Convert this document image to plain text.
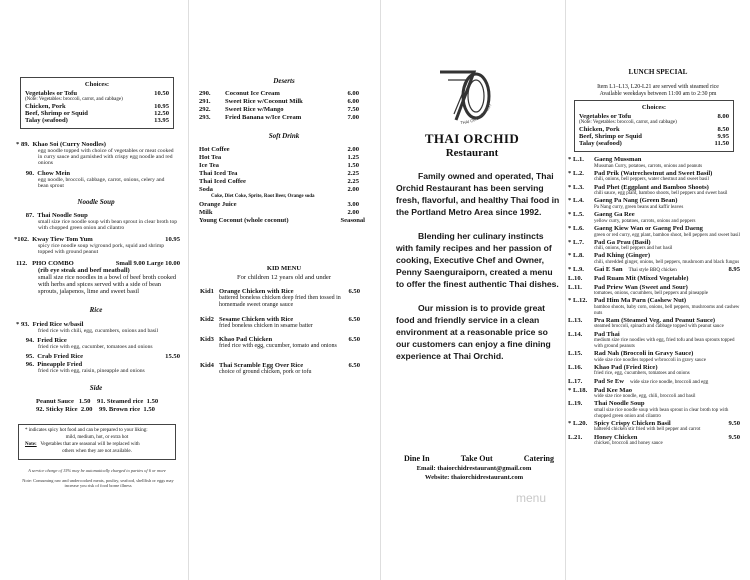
Choices:
Vegetables or Tofu	10.50
(Note: Vegetables: broccoli, carrot, and cabbage)
Chicken, Pork	10.95
Beef, Shrimp or Squid	12.50
Talay (seafood)	13.95
* 89. Khao Soi (Curry Noodles)
egg noodle topped with choice of vegetables or meat cooked in curry sauce and garnished with crispy egg noodle and red onions
90. Chow Mein
egg noodle, broccoli, cabbage, carrot, onions, celery and bean sprout
Noodle Soup
87. Thai Noodle Soup
small size rice noodle soup with bean sprout in clear broth top with chopped green onion and cilantro
*102. Kway Tiew Tom Yum	10.95
spicy rice noodle soup w/ground pork, squid and shrimp topped with ground peanut
112. PHO COMBO	Small 9.00 Large 10.00
(rib eye steak and beef meatball)
small size rice noodles in a bowl of beef broth cooked with herbs and spices served with a side of bean sprouts, jalapenos, lime and sweet basil
Rice
* 93. Fried Rice w/basil
fried rice with chili, egg, cucumbers, onions and basil
94. Fried Rice
fried rice with egg, cucumber, tomatoes and onions
95. Crab Fried Rice	15.50
96. Pineapple Fried
fried rice with egg, raisin, pineapple and onions
Side
Peanut Sauce 1.50 91. Steamed rice 1.50
92. Sticky Rice 2.00 99. Brown rice 1.50
* indicates spicy hot food and can be prepared to your liking:
mild, medium, hot, or extra hot
Note: Vegetables that are seasonal will be replaced with
others when they are not available.
A service charge of 15% may be automatically charged to parties of 6 or more
Note: Consuming raw and undercooked meats, poultry, seafood, shellfish or eggs may increase you risk of food borne illness
Deserts
290. Coconut Ice Cream	6.00
291. Sweet Rice w/Coconut Milk	6.00
292. Sweet Rice w/Mango	7.50
293. Fried Banana w/Ice Cream	7.00
Soft Drink
Hot Coffee	2.00
Hot Tea	1.25
Ice Tea	1.50
Thai Iced Tea	2.25
Thai Iced Coffee	2.25
Soda	2.00
Coke, Diet Coke, Sprite, Root Beer, Orange soda
Orange Juice	3.00
Milk	2.00
Young Coconut (whole coconut)	Seasonal
KID MENU
For children 12 years old and under
Kid1 Orange Chicken with Rice	6.50
battered boneless chicken deep fried then tossed in homemade sweet orange sauce
Kid2 Sesame Chicken with Rice	6.50
fried boneless chicken in sesame batter
Kid3 Khao Pad Chicken	6.50
fried rice with egg, cucumber, tomato and onions
Kid4 Thai Scramble Egg Over Rice	6.50
choice of ground chicken, pork or tofu
THAI ORCHID REST
THAI ORCHID
Restaurant
Family owned and operated, Thai Orchid Restaurant has been serving fresh, flavorful, and healthy Thai food in the Portland Metro Area since 1992.
Blending her culinary instincts with family recipes and her passion of cooking, Executive Chef and Owner, Penny Saenguraiporn, created a menu to offer the finest authentic Thai dishes.
Our mission is to provide great food and friendly service in a clean environment at a reasonable price so our customers can enjoy a fine dining experience at Thai Orchid.
Dine In	Take Out	Catering
Email: thaiorchidrestaurant@gmail.com
Website: thaiorchidrestaurant.com
menu
LUNCH SPECIAL
Item L1–L13, L20-L21 are served with steamed rice
Available weekdays between 11:00 am to 2:30 pm
Choices:
Vegetables or Tofu	8.00
(Note: Vegetables: broccoli, carrot, and cabbage)
Chicken, Pork	8.50
Beef, Shrimp or Squid	9.95
Talay (seafood)	11.50
* L.1. Gaeng Mussman
Mussman Curry, potatoes, carrots, onions and peanuts
* L.2. Pad Prik (Watrechestnut and Sweet Basil)
chili, onions, bell peppers, water chestnut and sweet basil
* L.3. Pad Phet (Eggplant and Bamboo Shoots)
chili sauce, egg plant, bamboo shoots, bell peppers and sweet basil
* L.4. Gaeng Pa Nang (Green Bean)
Pa Nang curry, green beans and kaffir leaves
* L.5. Gaeng Ga Ree
yellow curry, potatoes, carrots, onions and peppers
* L.6. Gaeng Kiew Wan or Gaeng Ped Daeng
green or red curry, egg plant, bamboo shoot, bell peppers and sweet basil
* L.7. Pad Ga Prau (Basil)
chili, onions, bell peppers and hot basil
* L.8. Pad Khing (Ginger)
chili, shredded ginger, onions, bell peppers, mushroom and black fungus
* L.9. Gai E San Thai style BBQ chicken	8.95
L.10. Pad Ruam Mit (Mixed Vegetable)
L.11. Pad Priew Wan (Sweet and Sour)
tomatoes, onions, cucumbers, bell peppers and pineapple
* L.12. Pad Him Ma Parn (Cashew Nut)
bamboo shoots, baby corn, onions, bell peppers, mushrooms and cashew nuts
L.13. Pra Ram (Steamed Veg. and Peanut Sauce)
steamed broccoli, spinach and cabbage topped with peanut sauce
L.14. Pad Thai
medium size rice noodles with egg, fried tofu and bean sprouts topped with ground peanuts
L.15. Rad Nah (Broccoli in Gravy Sauce)
wide size rice noodles topped w/broccoli in gravy sauce
L.16. Khao Pad (Fried Rice)
fried rice, egg, cucumbers, tomatoes and onions
L.17. Pad Se Ew wide size rice noodle, broccoli and egg
* L.18. Pad Kee Mao
wide size rice noodle, egg, chili, broccoli and basil
L.19. Thai Noodle Soup
small size rice noodle soup with bean sprout in clear broth top with chopped green onion and cilantro
* L.20. Spicy Crispy Chicken Basil	9.50
battered chicken stir fried with bell pepper and carrot
L.21. Honey Chicken	9.50
chicken, broccoli and honey sauce
